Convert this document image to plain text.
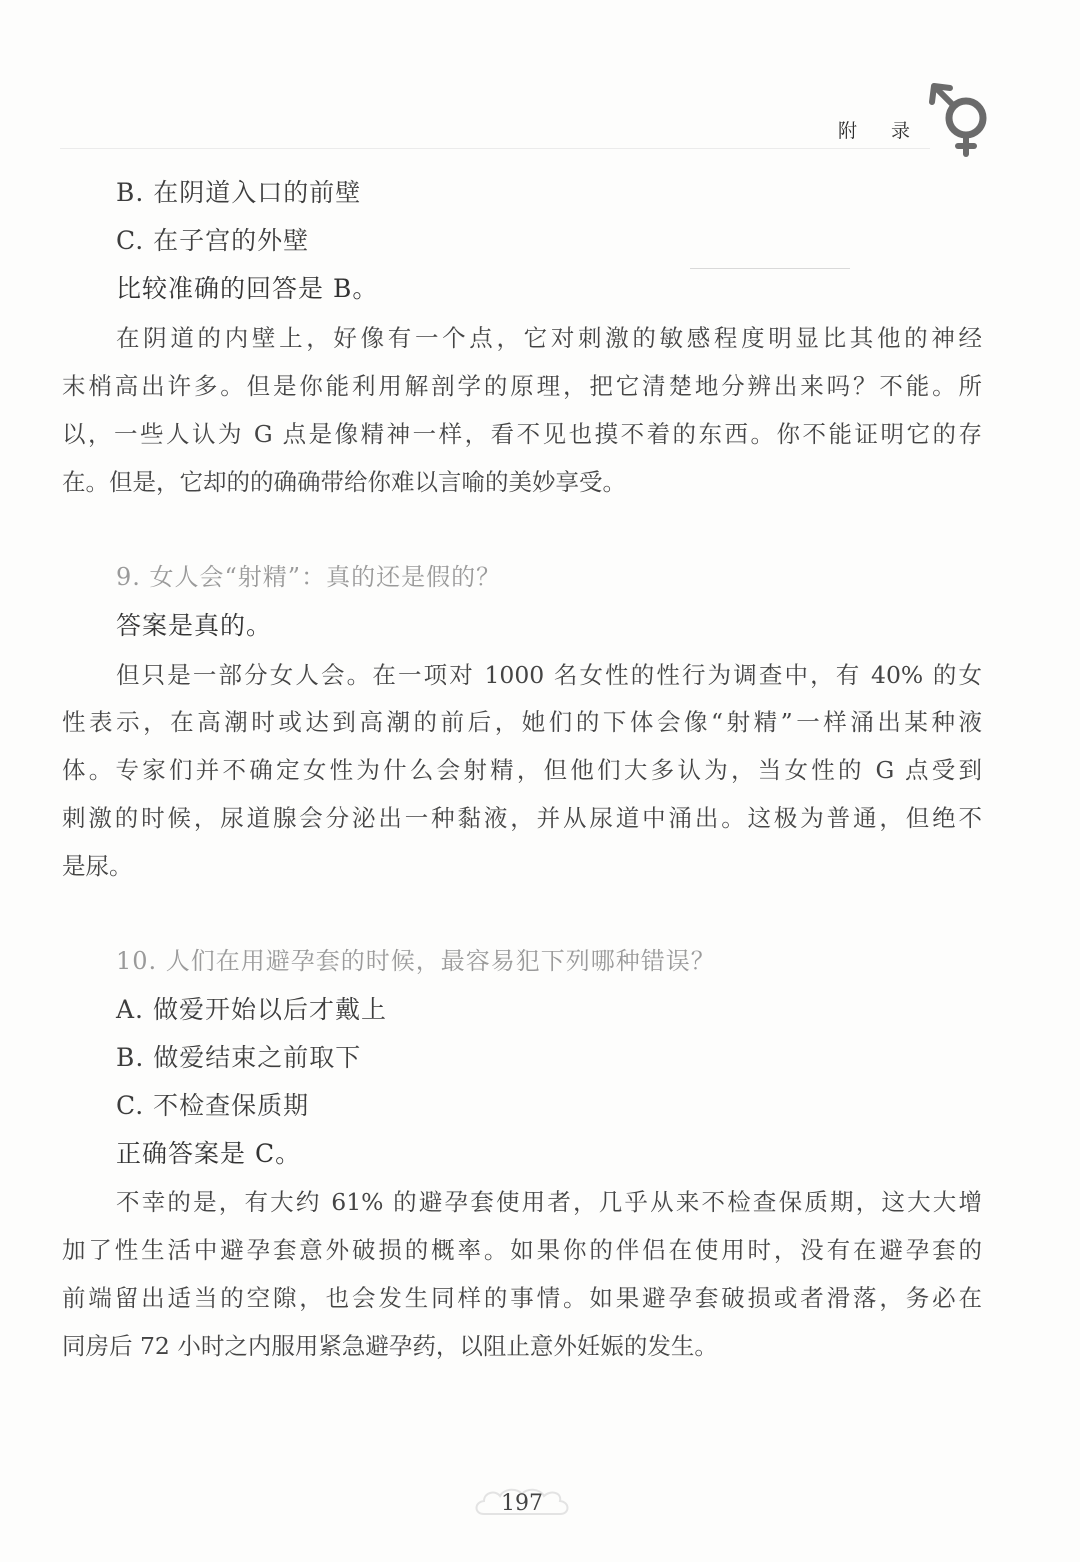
附 录
B. 在阴道入口的前壁
C. 在子宫的外壁
比较准确的回答是 B。
在阴道的内壁上，好像有一个点，它对刺激的敏感程度明显比其他的神经
末梢高出许多。但是你能利用解剖学的原理，把它清楚地分辨出来吗？不能。所
以，一些人认为 G 点是像精神一样，看不见也摸不着的东西。你不能证明它的存
在。但是，它却的的确确带给你难以言喻的美妙享受。
9. 女人会“射精”：真的还是假的？
答案是真的。
但只是一部分女人会。在一项对 1000 名女性的性行为调查中，有 40% 的女
性表示，在高潮时或达到高潮的前后，她们的下体会像“射精”一样涌出某种液
体。专家们并不确定女性为什么会射精，但他们大多认为，当女性的 G 点受到
刺激的时候，尿道腺会分泌出一种黏液，并从尿道中涌出。这极为普通，但绝不
是尿。
10. 人们在用避孕套的时候，最容易犯下列哪种错误？
A. 做爱开始以后才戴上
B. 做爱结束之前取下
C. 不检查保质期
正确答案是 C。
不幸的是，有大约 61% 的避孕套使用者，几乎从来不检查保质期，这大大增
加了性生活中避孕套意外破损的概率。如果你的伴侣在使用时，没有在避孕套的
前端留出适当的空隙，也会发生同样的事情。如果避孕套破损或者滑落，务必在
同房后 72 小时之内服用紧急避孕药，以阻止意外妊娠的发生。
197
